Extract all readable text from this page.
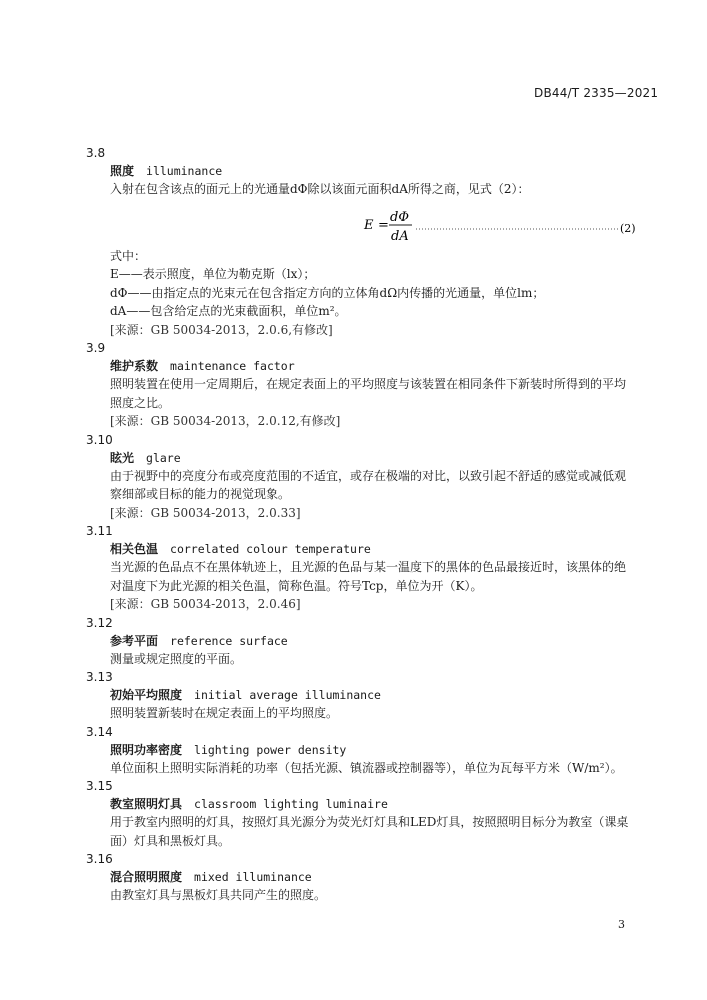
DB44/T 2335—2021
3.8
照度 illuminance

入射在包含该点的面元上的光通量dΦ除以该面元面积dA所得之商，见式（2）：

E =
dΦ
dA
(2)

式中：

E——表示照度，单位为勒克斯（lx）；

dΦ——由指定点的光束元在包含指定方向的立体角dΩ内传播的光通量，单位lm；

dA——包含给定点的光束截面积，单位m²。

[来源：GB 50034-2013，2.0.6,有修改]
3.9
维护系数 maintenance factor

照明装置在使用一定周期后，在规定表面上的平均照度与该装置在相同条件下新装时所得到的平均

照度之比。

[来源：GB 50034-2013，2.0.12,有修改]
3.10
眩光 glare

由于视野中的亮度分布或亮度范围的不适宜，或存在极端的对比，以致引起不舒适的感觉或减低观

察细部或目标的能力的视觉现象。

[来源：GB 50034-2013，2.0.33]
3.11
相关色温 correlated colour temperature

当光源的色品点不在黑体轨迹上，且光源的色品与某一温度下的黑体的色品最接近时，该黑体的绝

对温度下为此光源的相关色温，简称色温。符号Tcp，单位为开（K）。

[来源：GB 50034-2013，2.0.46]
3.12
参考平面 reference surface

测量或规定照度的平面。

3.13
初始平均照度 initial average illuminance

照明装置新装时在规定表面上的平均照度。

3.14
照明功率密度 lighting power density

单位面积上照明实际消耗的功率（包括光源、镇流器或控制器等），单位为瓦每平方米（W/m²）。

3.15
教室照明灯具 classroom lighting luminaire

用于教室内照明的灯具，按照灯具光源分为荧光灯灯具和LED灯具，按照照明目标分为教室（课桌

面）灯具和黑板灯具。

3.16
混合照明照度 mixed illuminance

由教室灯具与黑板灯具共同产生的照度。

3
